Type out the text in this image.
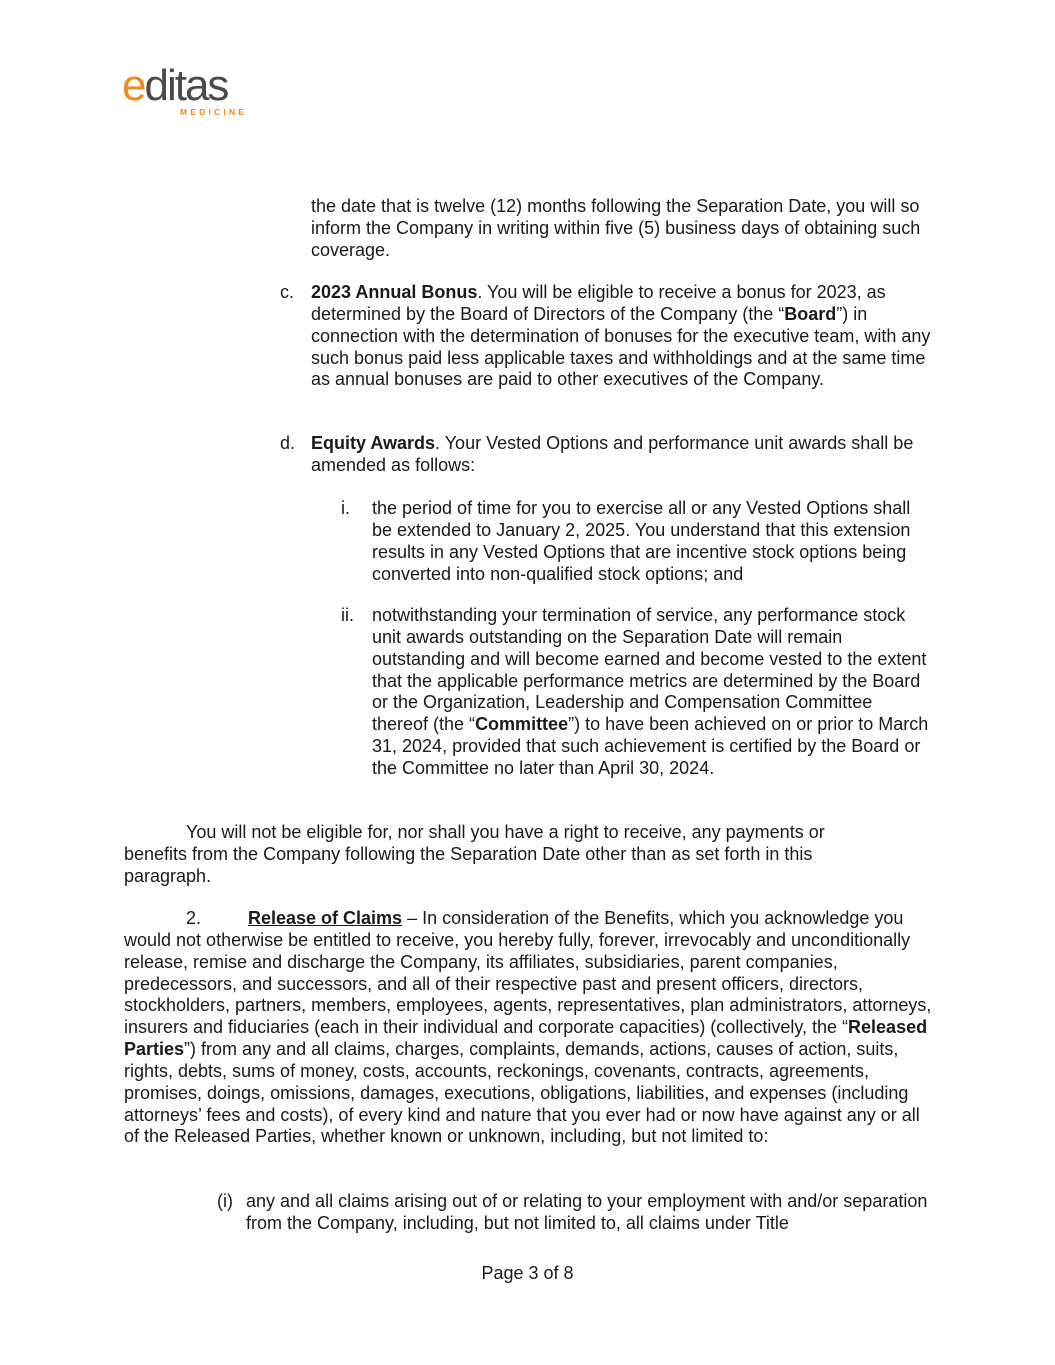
editas
MEDICINE

the date that is twelve (12) months following the Separation Date, you will so inform the Company in writing within five (5) business days of obtaining such coverage.

c. 2023 Annual Bonus. You will be eligible to receive a bonus for 2023, as determined by the Board of Directors of the Company (the “Board”) in connection with the determination of bonuses for the executive team, with any such bonus paid less applicable taxes and withholdings and at the same time as annual bonuses are paid to other executives of the Company.

d. Equity Awards. Your Vested Options and performance unit awards shall be amended as follows:

i. the period of time for you to exercise all or any Vested Options shall be extended to January 2, 2025. You understand that this extension results in any Vested Options that are incentive stock options being converted into non-qualified stock options; and

ii. notwithstanding your termination of service, any performance stock unit awards outstanding on the Separation Date will remain outstanding and will become earned and become vested to the extent that the applicable performance metrics are determined by the Board or the Organization, Leadership and Compensation Committee thereof (the “Committee”) to have been achieved on or prior to March 31, 2024, provided that such achievement is certified by the Board or the Committee no later than April 30, 2024.

You will not be eligible for, nor shall you have a right to receive, any payments or benefits from the Company following the Separation Date other than as set forth in this paragraph.

2.	Release of Claims – In consideration of the Benefits, which you acknowledge you would not otherwise be entitled to receive, you hereby fully, forever, irrevocably and unconditionally release, remise and discharge the Company, its affiliates, subsidiaries, parent companies, predecessors, and successors, and all of their respective past and present officers, directors, stockholders, partners, members, employees, agents, representatives, plan administrators, attorneys, insurers and fiduciaries (each in their individual and corporate capacities) (collectively, the “Released Parties”) from any and all claims, charges, complaints, demands, actions, causes of action, suits, rights, debts, sums of money, costs, accounts, reckonings, covenants, contracts, agreements, promises, doings, omissions, damages, executions, obligations, liabilities, and expenses (including attorneys’ fees and costs), of every kind and nature that you ever had or now have against any or all of the Released Parties, whether known or unknown, including, but not limited to:

(i) any and all claims arising out of or relating to your employment with and/or separation from the Company, including, but not limited to, all claims under Title

Page 3 of 8
